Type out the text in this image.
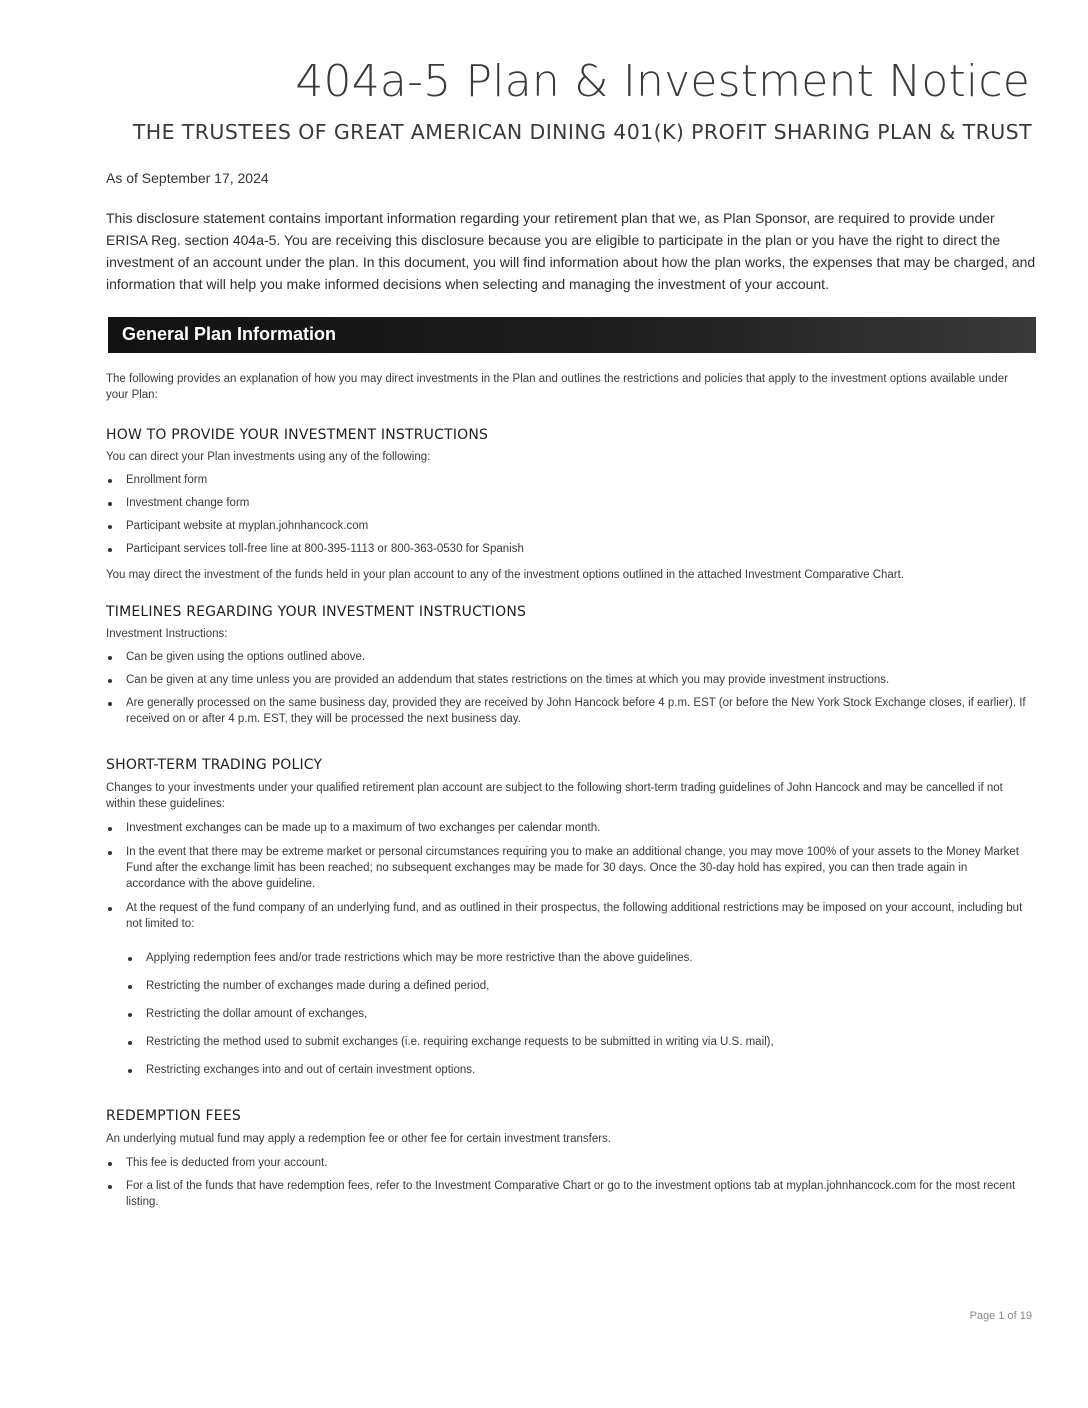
404a-5 Plan & Investment Notice
THE TRUSTEES OF GREAT AMERICAN DINING 401(K) PROFIT SHARING PLAN & TRUST
As of September 17, 2024
This disclosure statement contains important information regarding your retirement plan that we, as Plan Sponsor, are required to provide under ERISA Reg. section 404a-5. You are receiving this disclosure because you are eligible to participate in the plan or you have the right to direct the investment of an account under the plan. In this document, you will find information about how the plan works, the expenses that may be charged, and information that will help you make informed decisions when selecting and managing the investment of your account.
General Plan Information
The following provides an explanation of how you may direct investments in the Plan and outlines the restrictions and policies that apply to the investment options available under your Plan:
HOW TO PROVIDE YOUR INVESTMENT INSTRUCTIONS
You can direct your Plan investments using any of the following:
Enrollment form
Investment change form
Participant website at myplan.johnhancock.com
Participant services toll-free line at 800-395-1113 or 800-363-0530 for Spanish
You may direct the investment of the funds held in your plan account to any of the investment options outlined in the attached Investment Comparative Chart.
TIMELINES REGARDING YOUR INVESTMENT INSTRUCTIONS
Investment Instructions:
Can be given using the options outlined above.
Can be given at any time unless you are provided an addendum that states restrictions on the times at which you may provide investment instructions.
Are generally processed on the same business day, provided they are received by John Hancock before 4 p.m. EST (or before the New York Stock Exchange closes, if earlier). If received on or after 4 p.m. EST, they will be processed the next business day.
SHORT-TERM TRADING POLICY
Changes to your investments under your qualified retirement plan account are subject to the following short-term trading guidelines of John Hancock and may be cancelled if not within these guidelines:
Investment exchanges can be made up to a maximum of two exchanges per calendar month.
In the event that there may be extreme market or personal circumstances requiring you to make an additional change, you may move 100% of your assets to the Money Market Fund after the exchange limit has been reached; no subsequent exchanges may be made for 30 days. Once the 30-day hold has expired, you can then trade again in accordance with the above guideline.
At the request of the fund company of an underlying fund, and as outlined in their prospectus, the following additional restrictions may be imposed on your account, including but not limited to:
Applying redemption fees and/or trade restrictions which may be more restrictive than the above guidelines.
Restricting the number of exchanges made during a defined period,
Restricting the dollar amount of exchanges,
Restricting the method used to submit exchanges (i.e. requiring exchange requests to be submitted in writing via U.S. mail),
Restricting exchanges into and out of certain investment options.
REDEMPTION FEES
An underlying mutual fund may apply a redemption fee or other fee for certain investment transfers.
This fee is deducted from your account.
For a list of the funds that have redemption fees, refer to the Investment Comparative Chart or go to the investment options tab at myplan.johnhancock.com for the most recent listing.
Page 1 of 19
